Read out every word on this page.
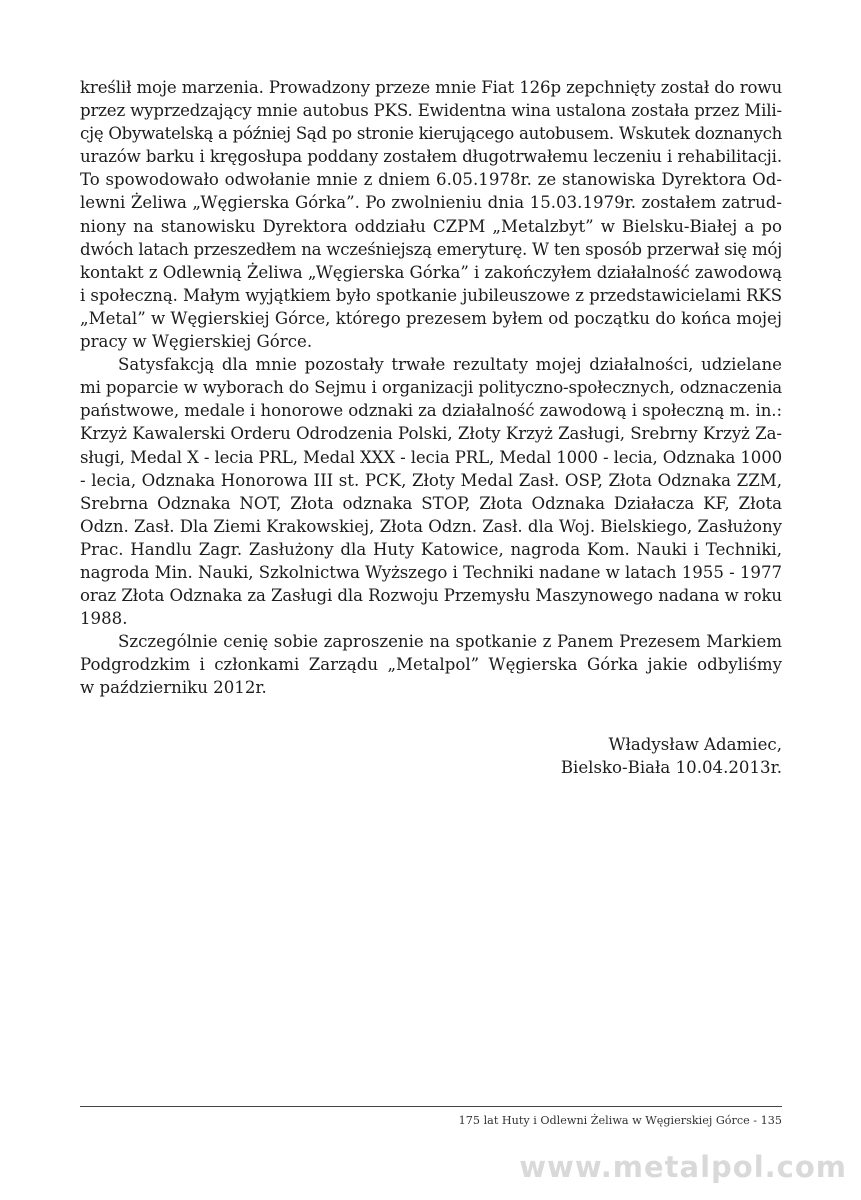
kreślił moje marzenia. Prowadzony przeze mnie Fiat 126p zepchnięty został do rowu
przez wyprzedzający mnie autobus PKS. Ewidentna wina ustalona została przez Mili-
cję Obywatelską a później Sąd po stronie kierującego autobusem. Wskutek doznanych
urazów barku i kręgosłupa poddany zostałem długotrwałemu leczeniu i rehabilitacji.
To spowodowało odwołanie mnie z dniem 6.05.1978r. ze stanowiska Dyrektora Od-
lewni Żeliwa „Węgierska Górka”. Po zwolnieniu dnia 15.03.1979r. zostałem zatrud-
niony na stanowisku Dyrektora oddziału CZPM „Metalzbyt” w Bielsku-Białej a po
dwóch latach przeszedłem na wcześniejszą emeryturę. W ten sposób przerwał się mój
kontakt z Odlewnią Żeliwa „Węgierska Górka” i zakończyłem działalność zawodową
i społeczną. Małym wyjątkiem było spotkanie jubileuszowe z przedstawicielami RKS
„Metal” w Węgierskiej Górce, którego prezesem byłem od początku do końca mojej
pracy w Węgierskiej Górce.
Satysfakcją dla mnie pozostały trwałe rezultaty mojej działalności, udzielane
mi poparcie w wyborach do Sejmu i organizacji polityczno-społecznych, odznaczenia
państwowe, medale i honorowe odznaki za działalność zawodową i społeczną m. in.:
Krzyż Kawalerski Orderu Odrodzenia Polski, Złoty Krzyż Zasługi, Srebrny Krzyż Za-
sługi, Medal X - lecia PRL, Medal XXX - lecia PRL, Medal 1000 - lecia, Odznaka 1000
- lecia, Odznaka Honorowa III st. PCK, Złoty Medal Zasł. OSP, Złota Odznaka ZZM,
Srebrna Odznaka NOT, Złota odznaka STOP, Złota Odznaka Działacza KF, Złota
Odzn. Zasł. Dla Ziemi Krakowskiej, Złota Odzn. Zasł. dla Woj. Bielskiego, Zasłużony
Prac. Handlu Zagr. Zasłużony dla Huty Katowice, nagroda Kom. Nauki i Techniki,
nagroda Min. Nauki, Szkolnictwa Wyższego i Techniki nadane w latach 1955 - 1977
oraz Złota Odznaka za Zasługi dla Rozwoju Przemysłu Maszynowego nadana w roku
1988.
Szczególnie cenię sobie zaproszenie na spotkanie z Panem Prezesem Markiem
Podgrodzkim i członkami Zarządu „Metalpol” Węgierska Górka jakie odbyliśmy
w październiku 2012r.
Władysław Adamiec,
Bielsko-Biała 10.04.2013r.
175 lat Huty i Odlewni Żeliwa w Węgierskiej Górce - 135
www.metalpol.com
